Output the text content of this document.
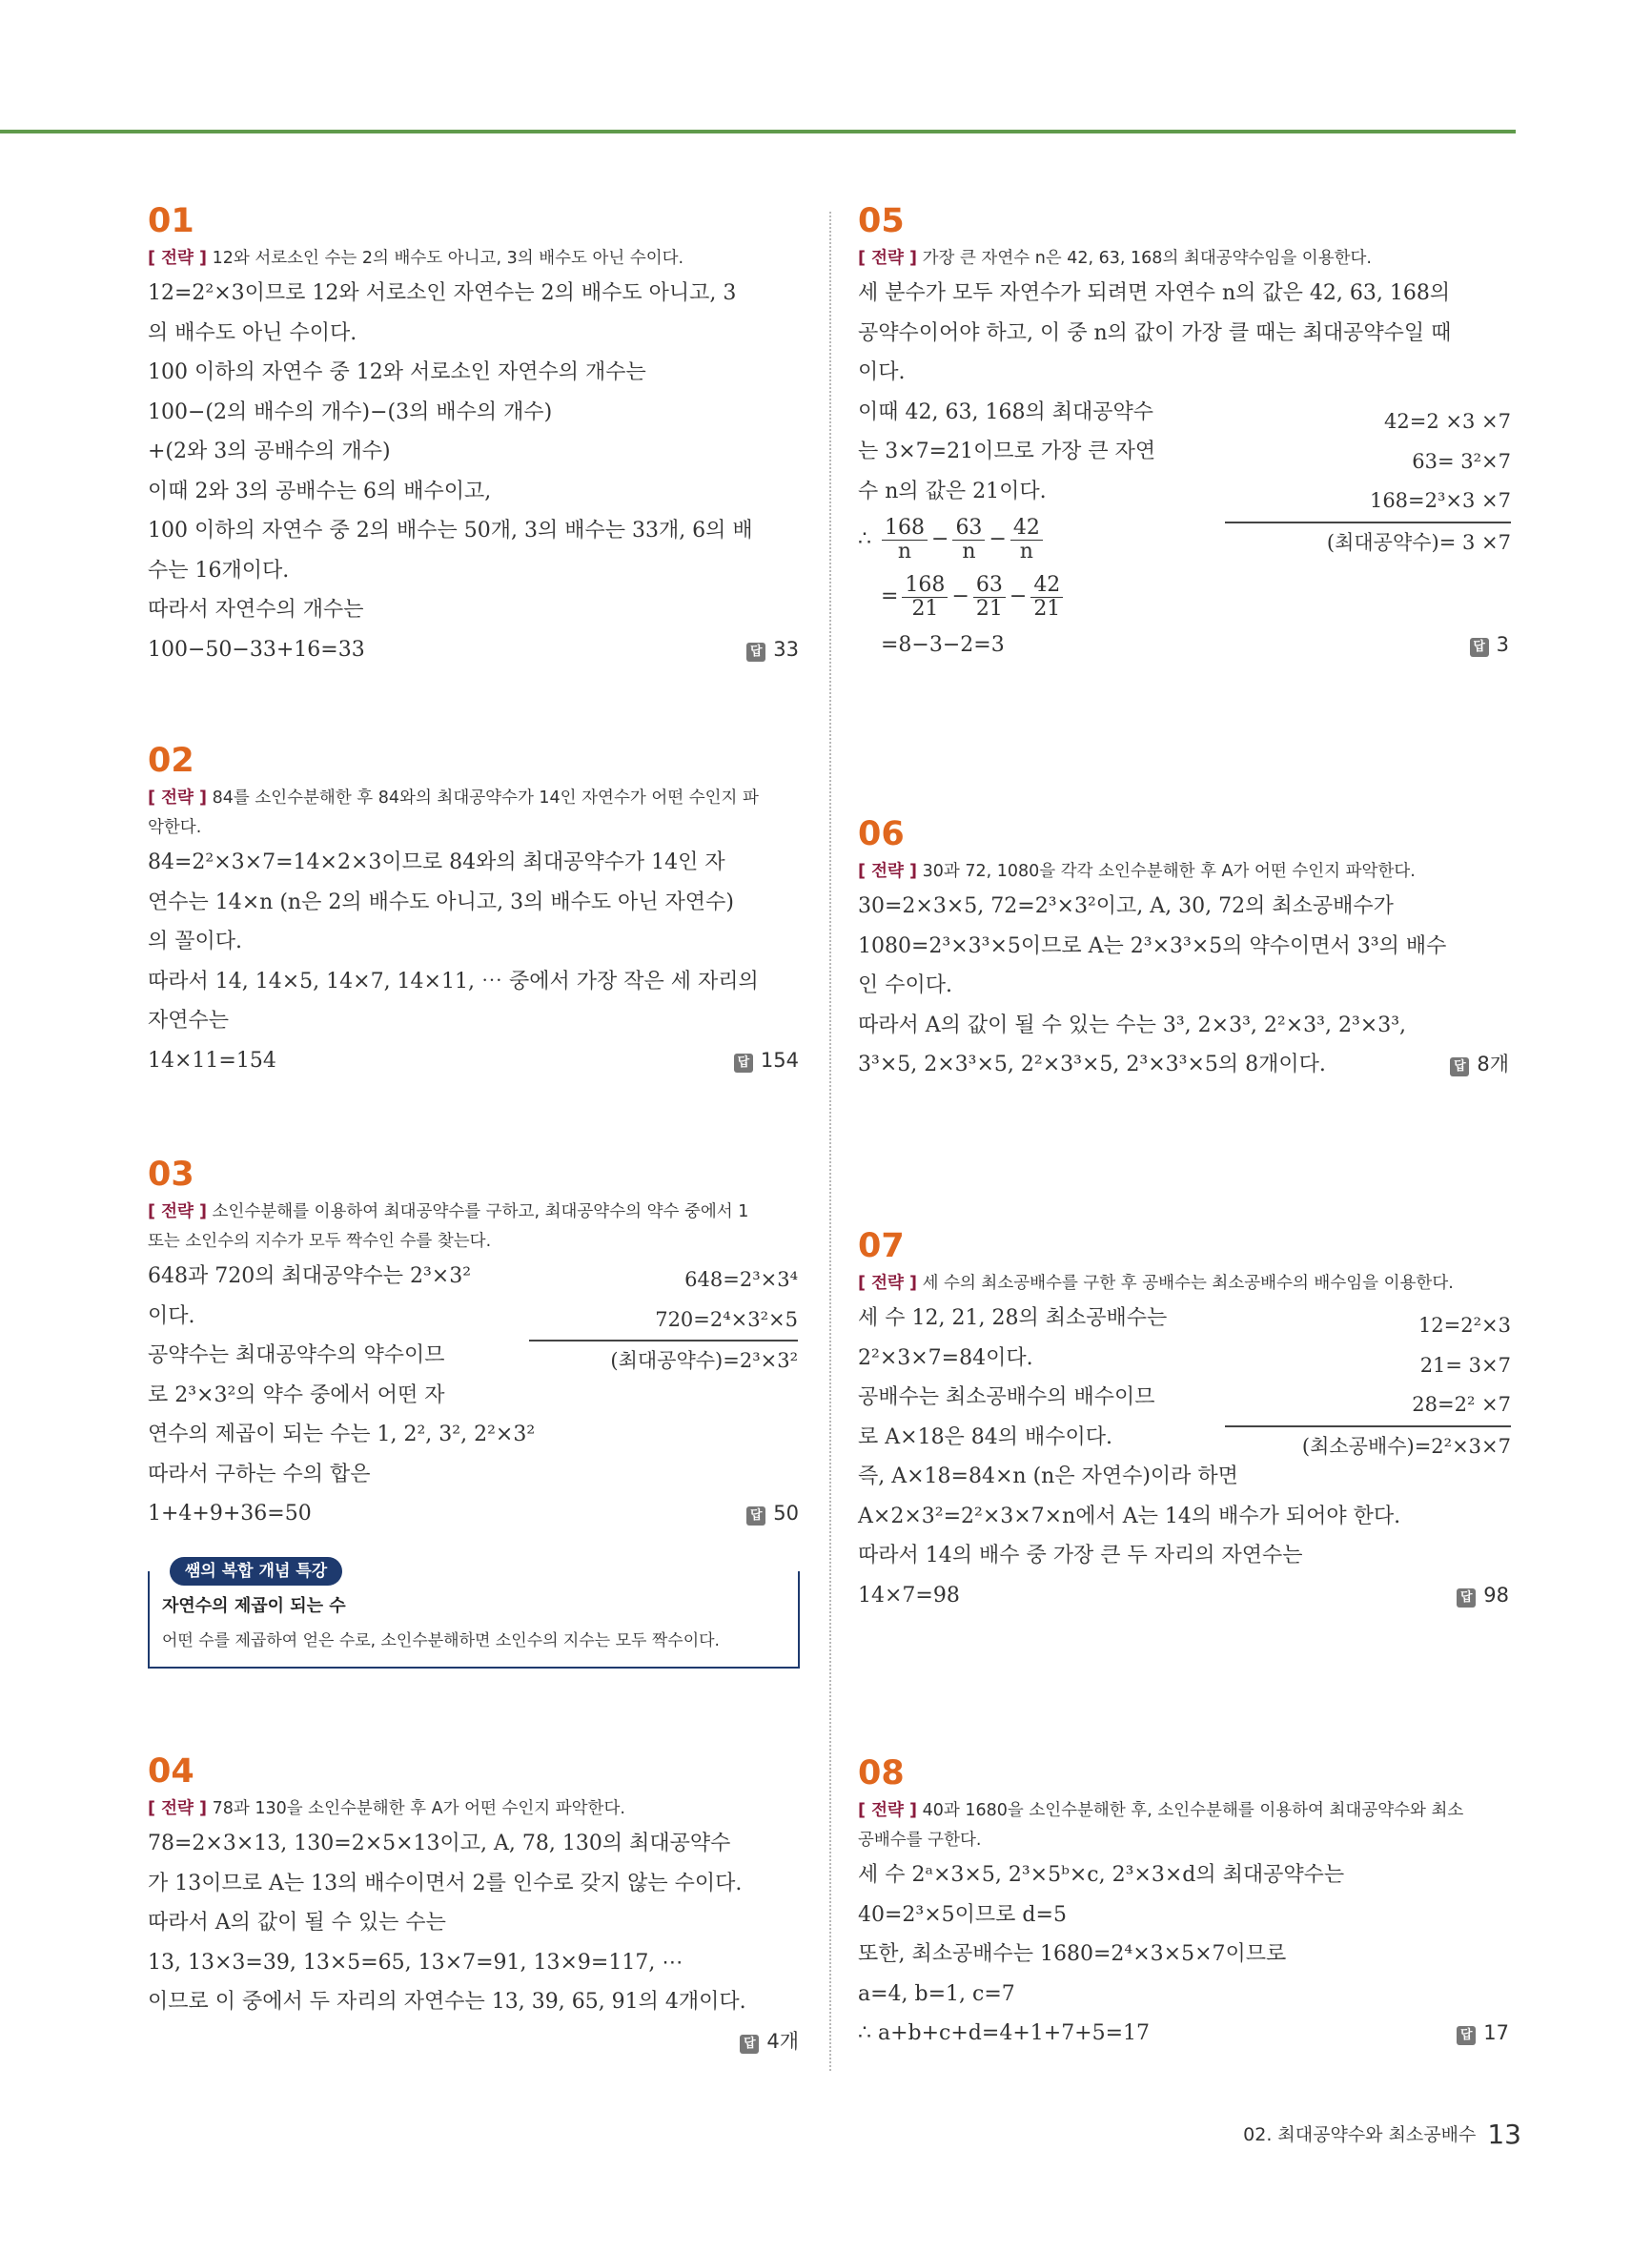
01
[ 전략 ] 12와 서로소인 수는 2의 배수도 아니고, 3의 배수도 아닌 수이다.
12=2²×3이므로 12와 서로소인 자연수는 2의 배수도 아니고, 3
의 배수도 아닌 수이다.
100 이하의 자연수 중 12와 서로소인 자연수의 개수는
100−(2의 배수의 개수)−(3의 배수의 개수)
+(2와 3의 공배수의 개수)
이때 2와 3의 공배수는 6의 배수이고,
100 이하의 자연수 중 2의 배수는 50개, 3의 배수는 33개, 6의 배
수는 16개이다.
따라서 자연수의 개수는
100−50−33+16=33	답 33
02
[ 전략 ] 84를 소인수분해한 후 84와의 최대공약수가 14인 자연수가 어떤 수인지 파
악한다.
84=2²×3×7=14×2×3이므로 84와의 최대공약수가 14인 자
연수는 14×n (n은 2의 배수도 아니고, 3의 배수도 아닌 자연수)
의 꼴이다.
따라서 14, 14×5, 14×7, 14×11, ⋯ 중에서 가장 작은 세 자리의
자연수는
14×11=154	답 154
03
[ 전략 ] 소인수분해를 이용하여 최대공약수를 구하고, 최대공약수의 약수 중에서 1
또는 소인수의 지수가 모두 짝수인 수를 찾는다.
648과 720의 최대공약수는 2³×3²
이다.
공약수는 최대공약수의 약수이므
로 2³×3²의 약수 중에서 어떤 자
연수의 제곱이 되는 수는 1, 2², 3², 2²×3²
따라서 구하는 수의 합은
1+4+9+36=50	답 50
648=2³×3⁴
720=2⁴×3²×5
(최대공약수)=2³×3²
쌤의 복합 개념 특강
자연수의 제곱이 되는 수
어떤 수를 제곱하여 얻은 수로, 소인수분해하면 소인수의 지수는 모두 짝수이다.
04
[ 전략 ] 78과 130을 소인수분해한 후 A가 어떤 수인지 파악한다.
78=2×3×13, 130=2×5×13이고, A, 78, 130의 최대공약수
가 13이므로 A는 13의 배수이면서 2를 인수로 갖지 않는 수이다.
따라서 A의 값이 될 수 있는 수는
13, 13×3=39, 13×5=65, 13×7=91, 13×9=117, ⋯
이므로 이 중에서 두 자리의 자연수는 13, 39, 65, 91의 4개이다.

답 4개
05
[ 전략 ] 가장 큰 자연수 n은 42, 63, 168의 최대공약수임을 이용한다.
세 분수가 모두 자연수가 되려면 자연수 n의 값은 42, 63, 168의
공약수이어야 하고, 이 중 n의 값이 가장 클 때는 최대공약수일 때
이다.
이때 42, 63, 168의 최대공약수
는 3×7=21이므로 가장 큰 자연
수 n의 값은 21이다.
∴ $\frac{168}{n} - \frac{63}{n} - \frac{42}{n}$
= $\frac{168}{21} - \frac{63}{21} - \frac{42}{21}$
=8−3−2=3	답 3
42=2 ×3 ×7
63= 3²×7
168=2³×3 ×7
(최대공약수)= 3 ×7
06
[ 전략 ] 30과 72, 1080을 각각 소인수분해한 후 A가 어떤 수인지 파악한다.
30=2×3×5, 72=2³×3²이고, A, 30, 72의 최소공배수가
1080=2³×3³×5이므로 A는 2³×3³×5의 약수이면서 3³의 배수
인 수이다.
따라서 A의 값이 될 수 있는 수는 3³, 2×3³, 2²×3³, 2³×3³,
3³×5, 2×3³×5, 2²×3³×5, 2³×3³×5의 8개이다.	답 8개
07
[ 전략 ] 세 수의 최소공배수를 구한 후 공배수는 최소공배수의 배수임을 이용한다.
세 수 12, 21, 28의 최소공배수는
2²×3×7=84이다.
공배수는 최소공배수의 배수이므
로 A×18은 84의 배수이다.
즉, A×18=84×n (n은 자연수)이라 하면
A×2×3²=2²×3×7×n에서 A는 14의 배수가 되어야 한다.
따라서 14의 배수 중 가장 큰 두 자리의 자연수는
14×7=98	답 98
12=2²×3
21= 3×7
28=2² ×7
(최소공배수)=2²×3×7
08
[ 전략 ] 40과 1680을 소인수분해한 후, 소인수분해를 이용하여 최대공약수와 최소
공배수를 구한다.
세 수 2ᵃ×3×5, 2³×5ᵇ×c, 2³×3×d의 최대공약수는
40=2³×5이므로 d=5
또한, 최소공배수는 1680=2⁴×3×5×7이므로
a=4, b=1, c=7
∴ a+b+c+d=4+1+7+5=17	답 17
02. 최대공약수와 최소공배수 13
